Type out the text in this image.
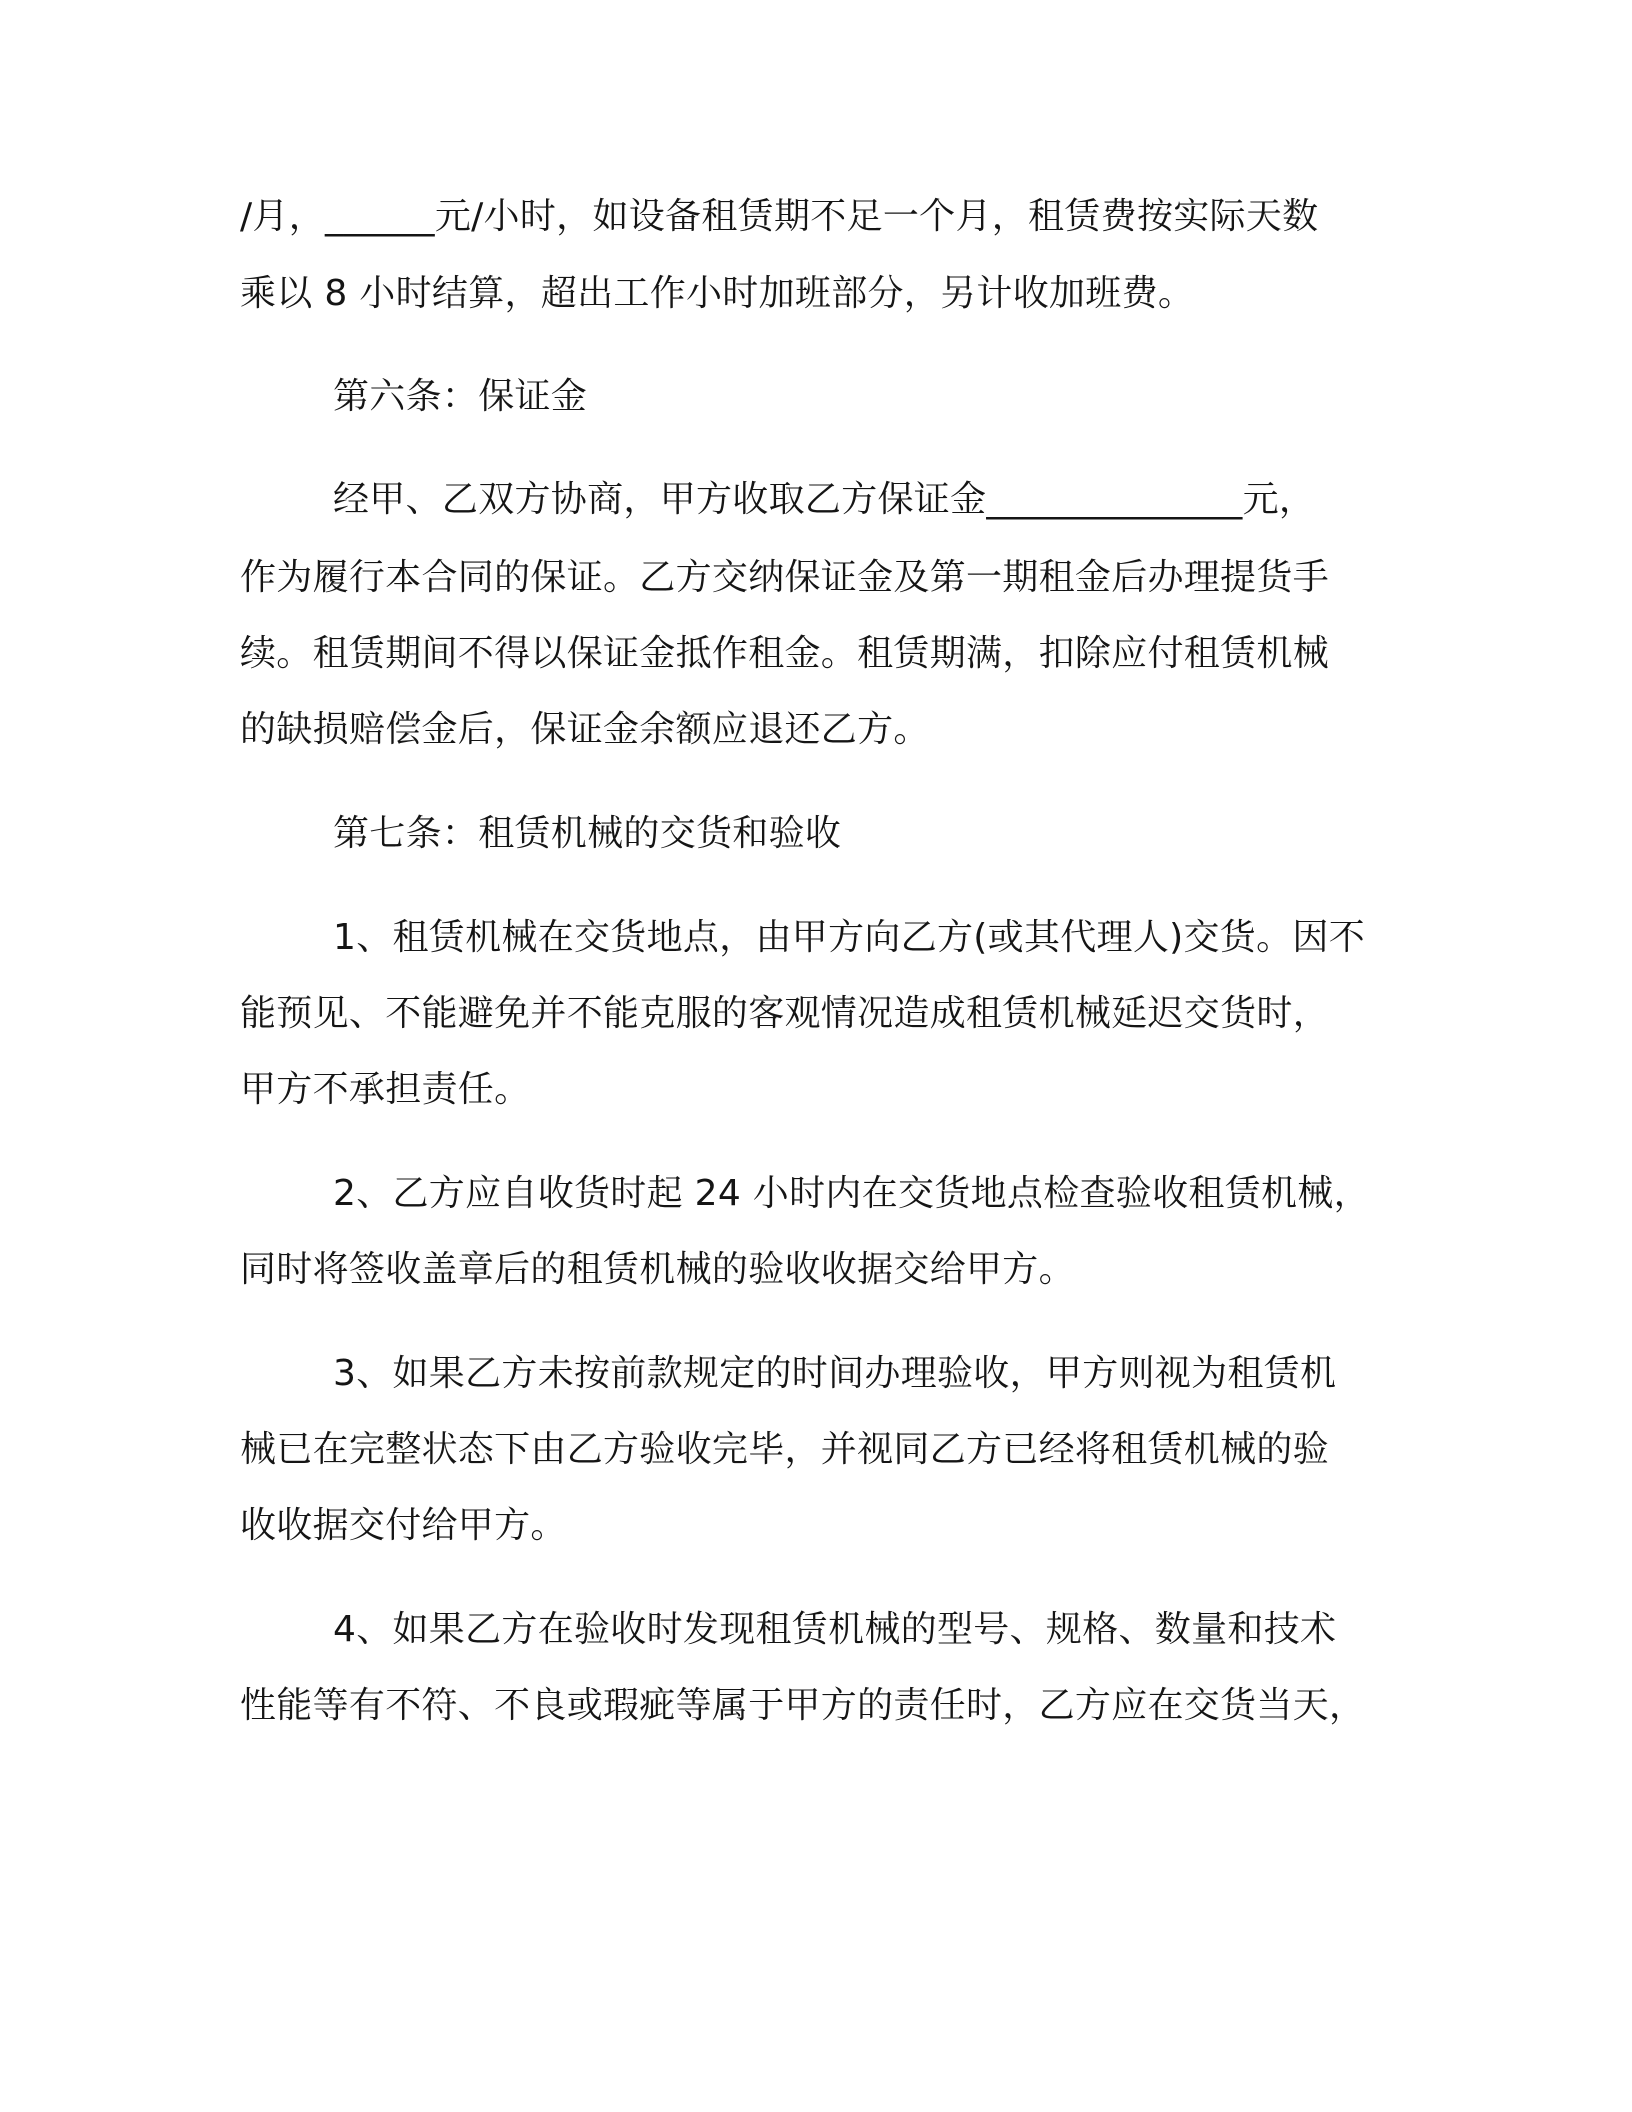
/月，______元/小时，如设备租赁期不足一个月，租赁费按实际天数

乘以 8 小时结算，超出工作小时加班部分，另计收加班费。

第六条：保证金

经甲、乙双方协商，甲方收取乙方保证金______________元，

作为履行本合同的保证。乙方交纳保证金及第一期租金后办理提货手

续。租赁期间不得以保证金抵作租金。租赁期满，扣除应付租赁机械

的缺损赔偿金后，保证金余额应退还乙方。

第七条：租赁机械的交货和验收

1、租赁机械在交货地点，由甲方向乙方(或其代理人)交货。因不

能预见、不能避免并不能克服的客观情况造成租赁机械延迟交货时，

甲方不承担责任。

2、乙方应自收货时起 24 小时内在交货地点检查验收租赁机械，

同时将签收盖章后的租赁机械的验收收据交给甲方。

3、如果乙方未按前款规定的时间办理验收，甲方则视为租赁机

械已在完整状态下由乙方验收完毕，并视同乙方已经将租赁机械的验

收收据交付给甲方。

4、如果乙方在验收时发现租赁机械的型号、规格、数量和技术

性能等有不符、不良或瑕疵等属于甲方的责任时，乙方应在交货当天，
